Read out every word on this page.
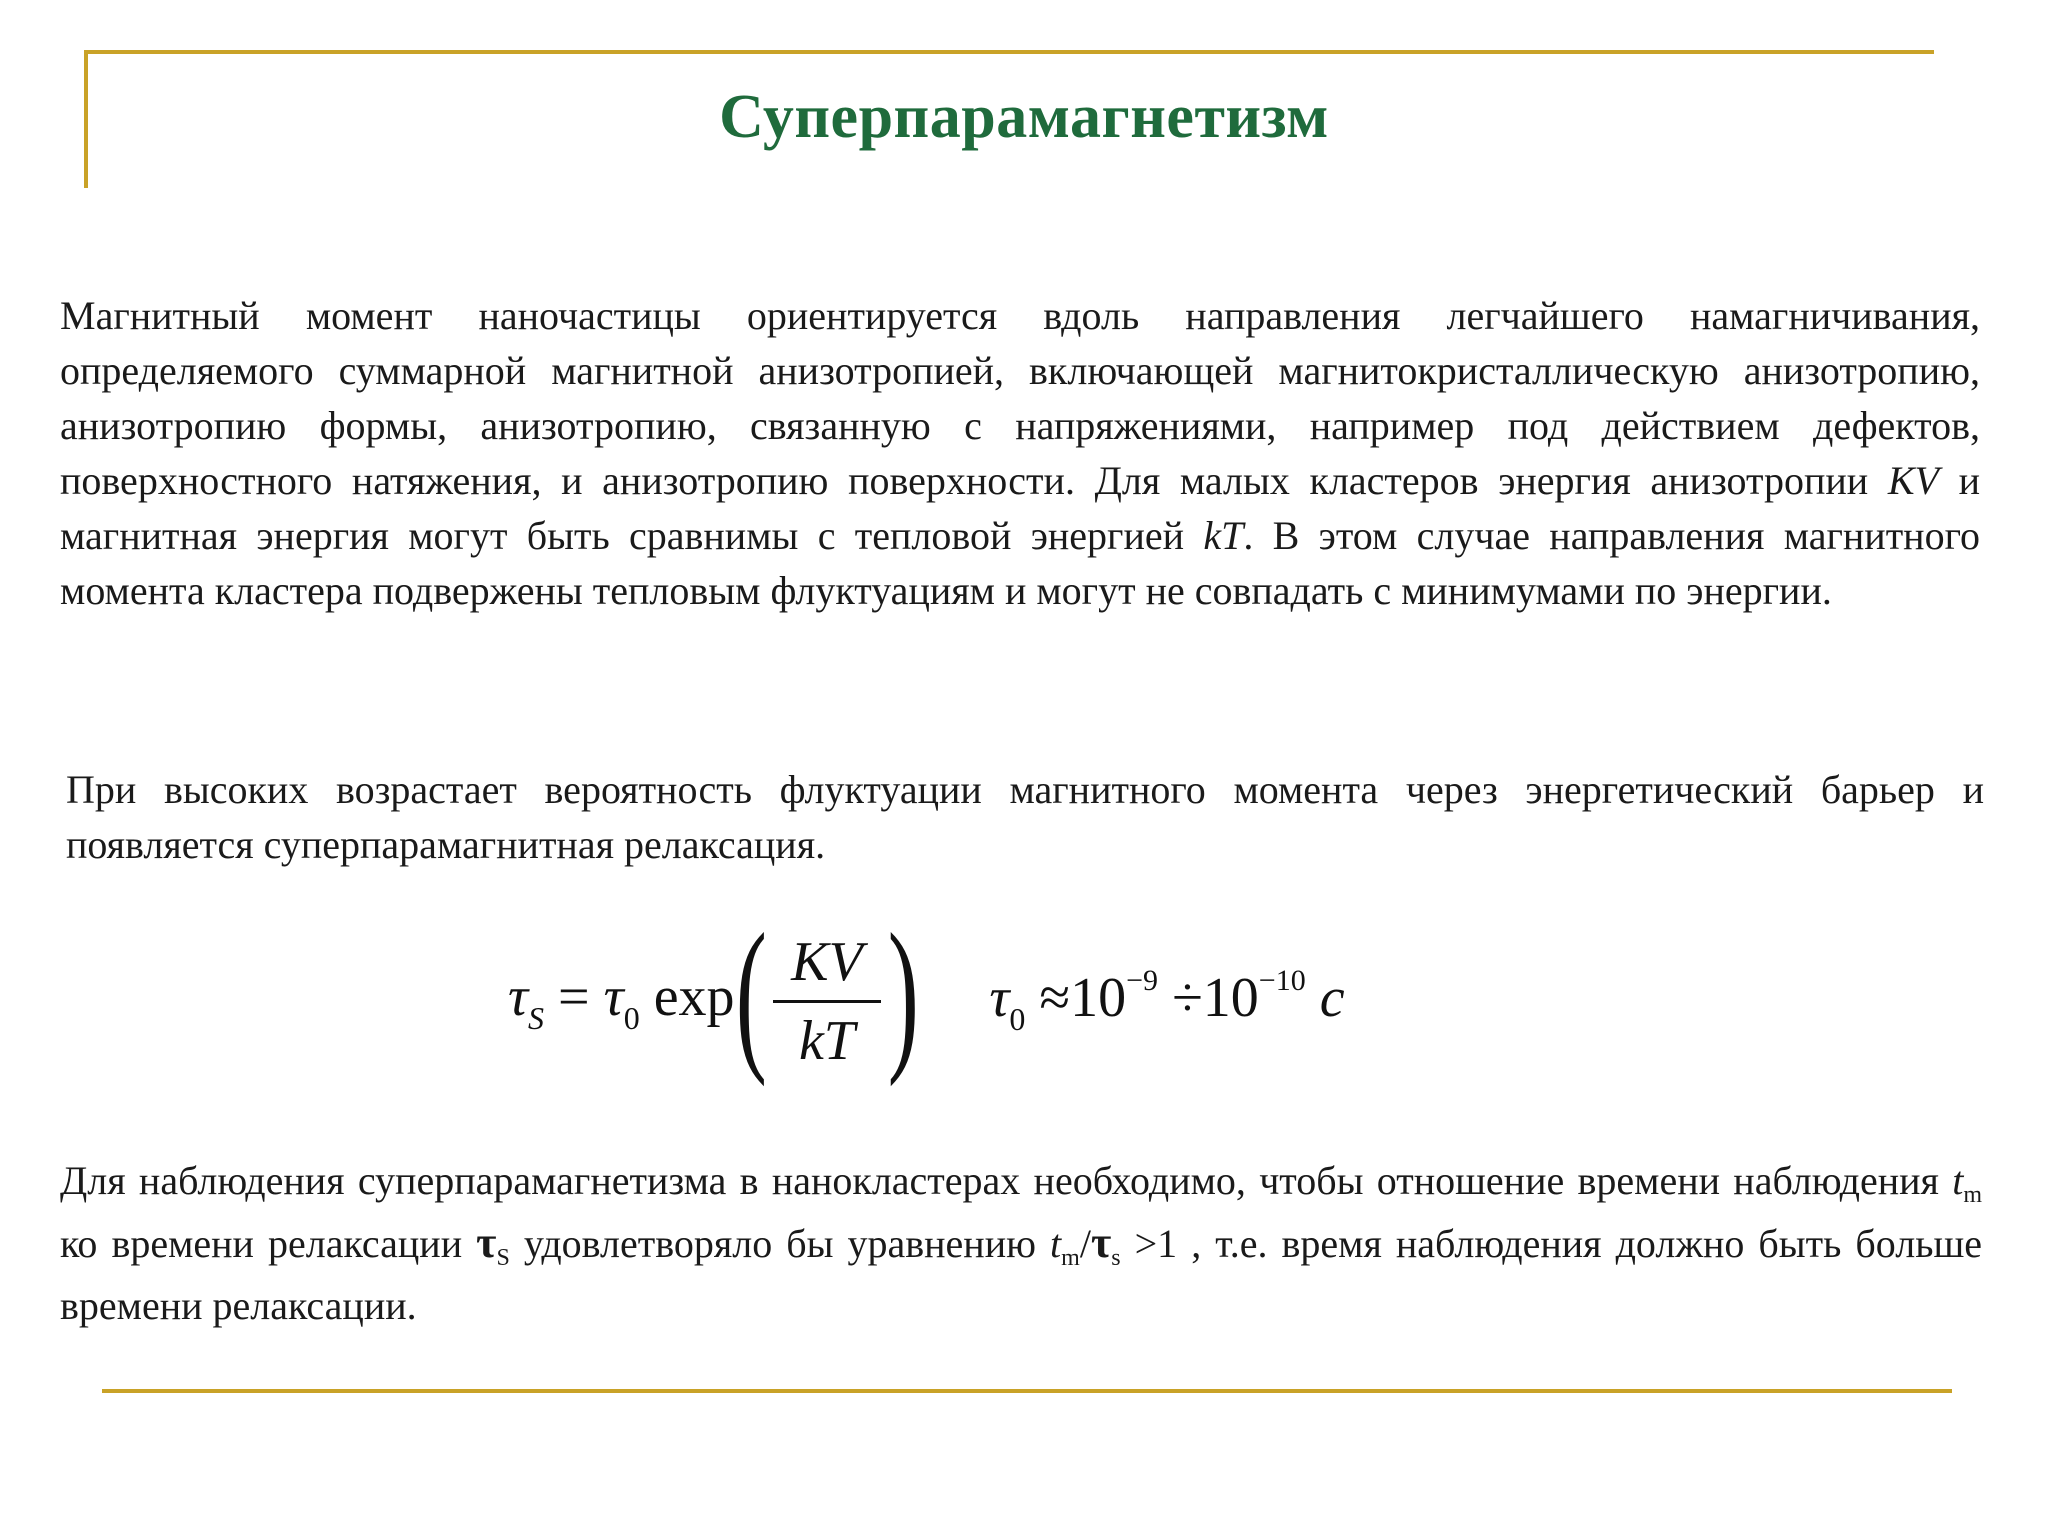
Суперпарамагнетизм
Магнитный момент наночастицы ориентируется вдоль направления легчайшего намагничивания, определяемого суммарной магнитной анизотропией, включающей магнитокристаллическую анизотропию, анизотропию формы, анизотропию, связанную с напряжениями, например под действием дефектов, поверхностного натяжения, и анизотропию поверхности. Для малых кластеров энергия анизотропии KV и магнитная энергия могут быть сравнимы с тепловой энергией kT. В этом случае направления магнитного момента кластера подвержены тепловым флуктуациям и могут не совпадать с минимумами по энергии.
При высоких возрастает вероятность флуктуации магнитного момента через энергетический барьер и появляется суперпарамагнитная релаксация.
$\tau_S = \tau_0$ exp ( $\frac{KV}{kT}$ ) $\tau_0 \approx 10^{-9} \div 10^{-10}$ c
Для наблюдения суперпарамагнетизма в нанокластерах необходимо, чтобы отношение времени наблюдения $t_m$ ко времени релаксации $\tau_S$ удовлетворяло бы уравнению $t_m/\tau_s >1$ , т.е. время наблюдения должно быть больше времени релаксации.
